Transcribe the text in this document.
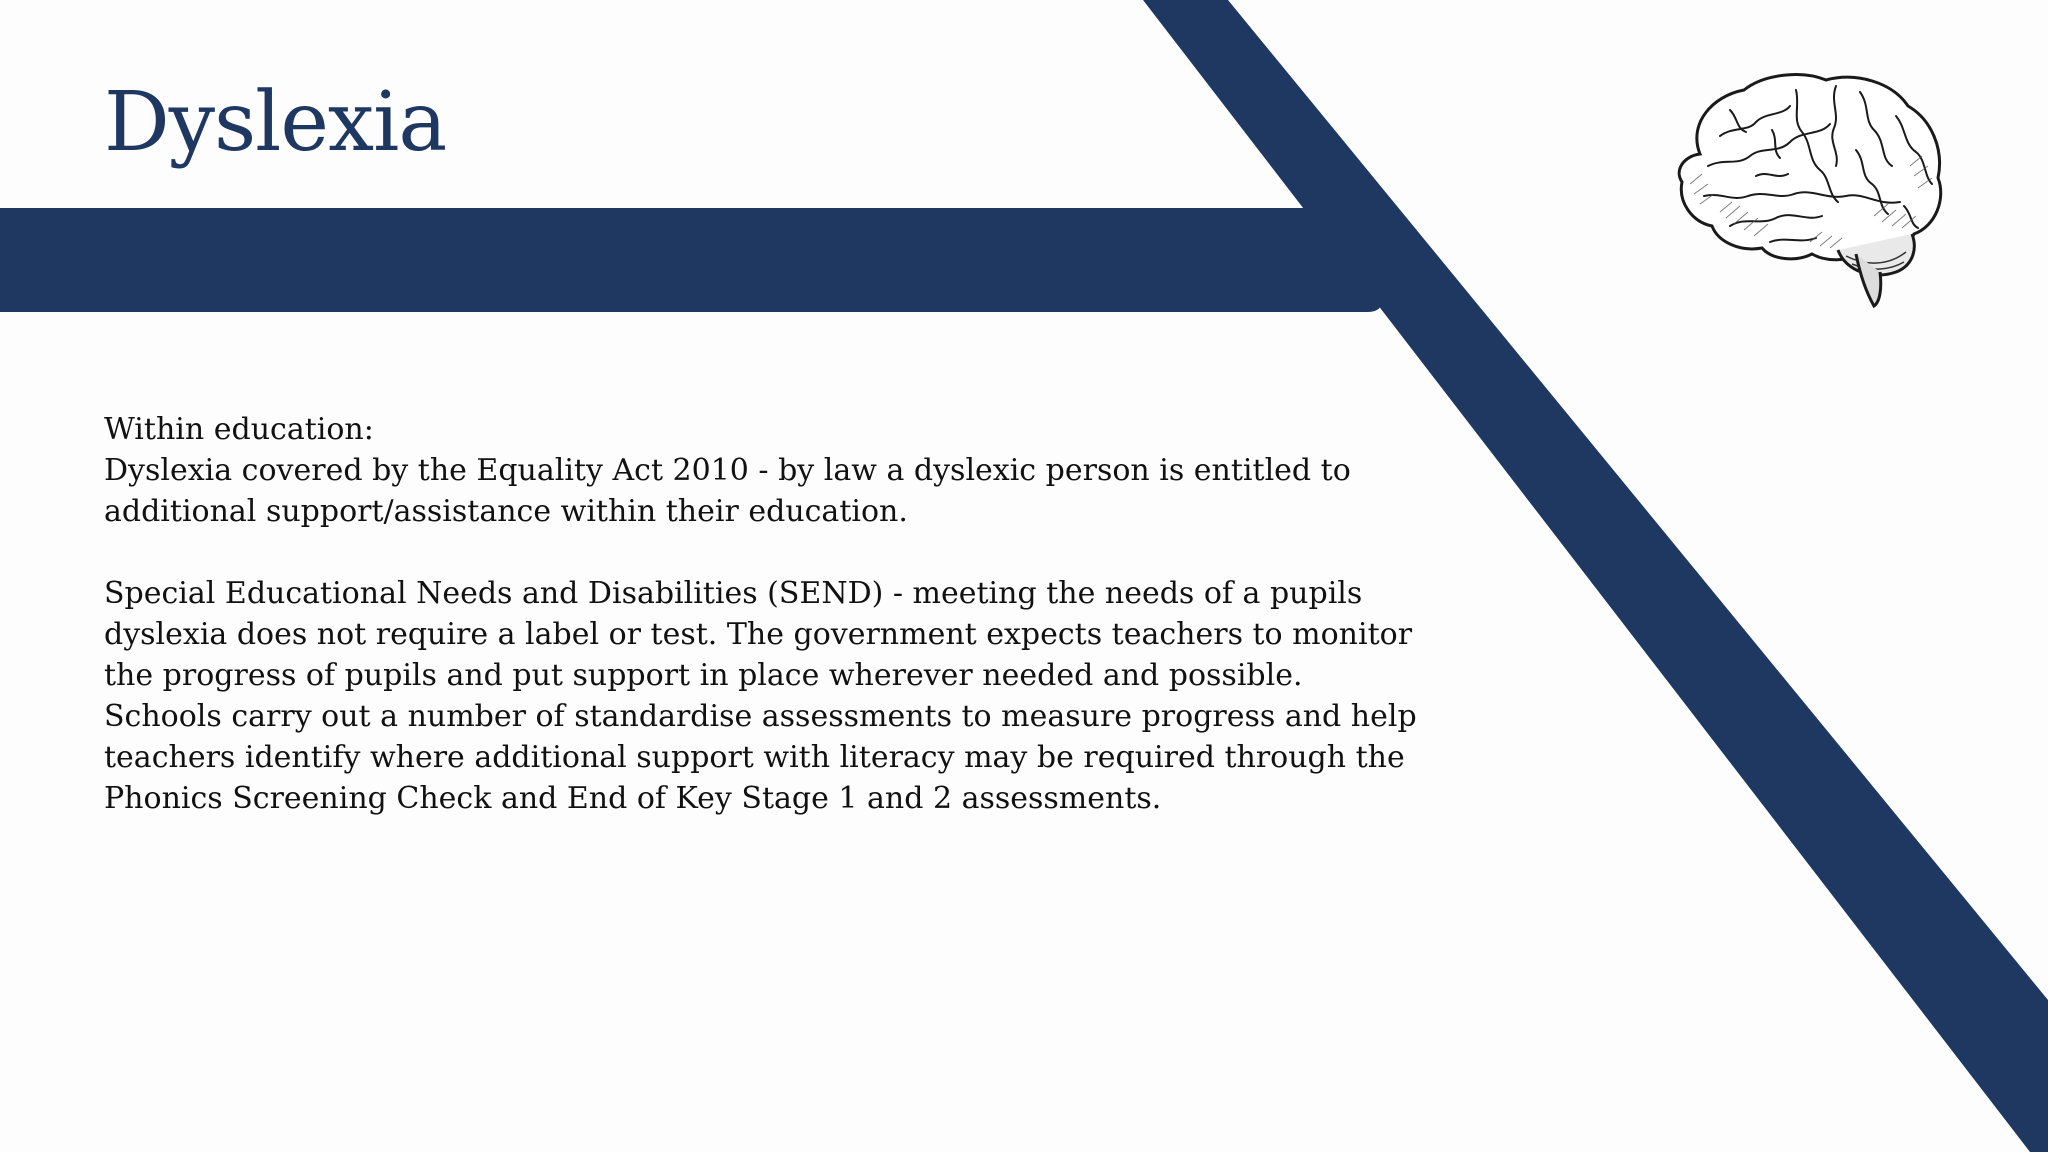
Dyslexia

Within education:

Dyslexia covered by the Equality Act 2010 - by law a dyslexic person is entitled to additional support/assistance within their education.

Special Educational Needs and Disabilities (SEND) - meeting the needs of a pupils dyslexia does not require a label or test. The government expects teachers to monitor the progress of pupils and put support in place wherever needed and possible. Schools carry out a number of standardise assessments to measure progress and help teachers identify where additional support with literacy may be required through the Phonics Screening Check and End of Key Stage 1 and 2 assessments.
